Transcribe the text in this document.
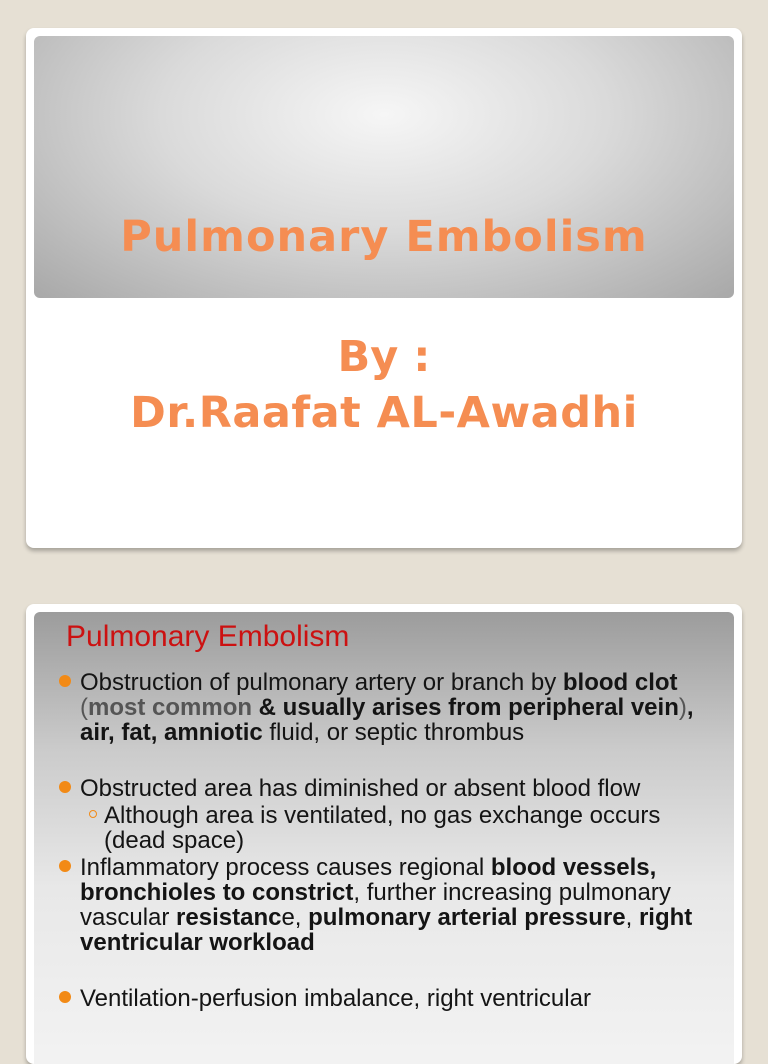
Pulmonary Embolism
By :
Dr.Raafat AL-Awadhi
Pulmonary Embolism
Obstruction of pulmonary artery or branch by blood clot (most common & usually arises from peripheral vein), air, fat, amniotic fluid, or septic thrombus
Obstructed area has diminished or absent blood flow
Although area is ventilated, no gas exchange occurs (dead space)
Inflammatory process causes regional blood vessels, bronchioles to constrict, further increasing pulmonary vascular resistance, pulmonary arterial pressure, right ventricular workload
Ventilation-perfusion imbalance, right ventricular
